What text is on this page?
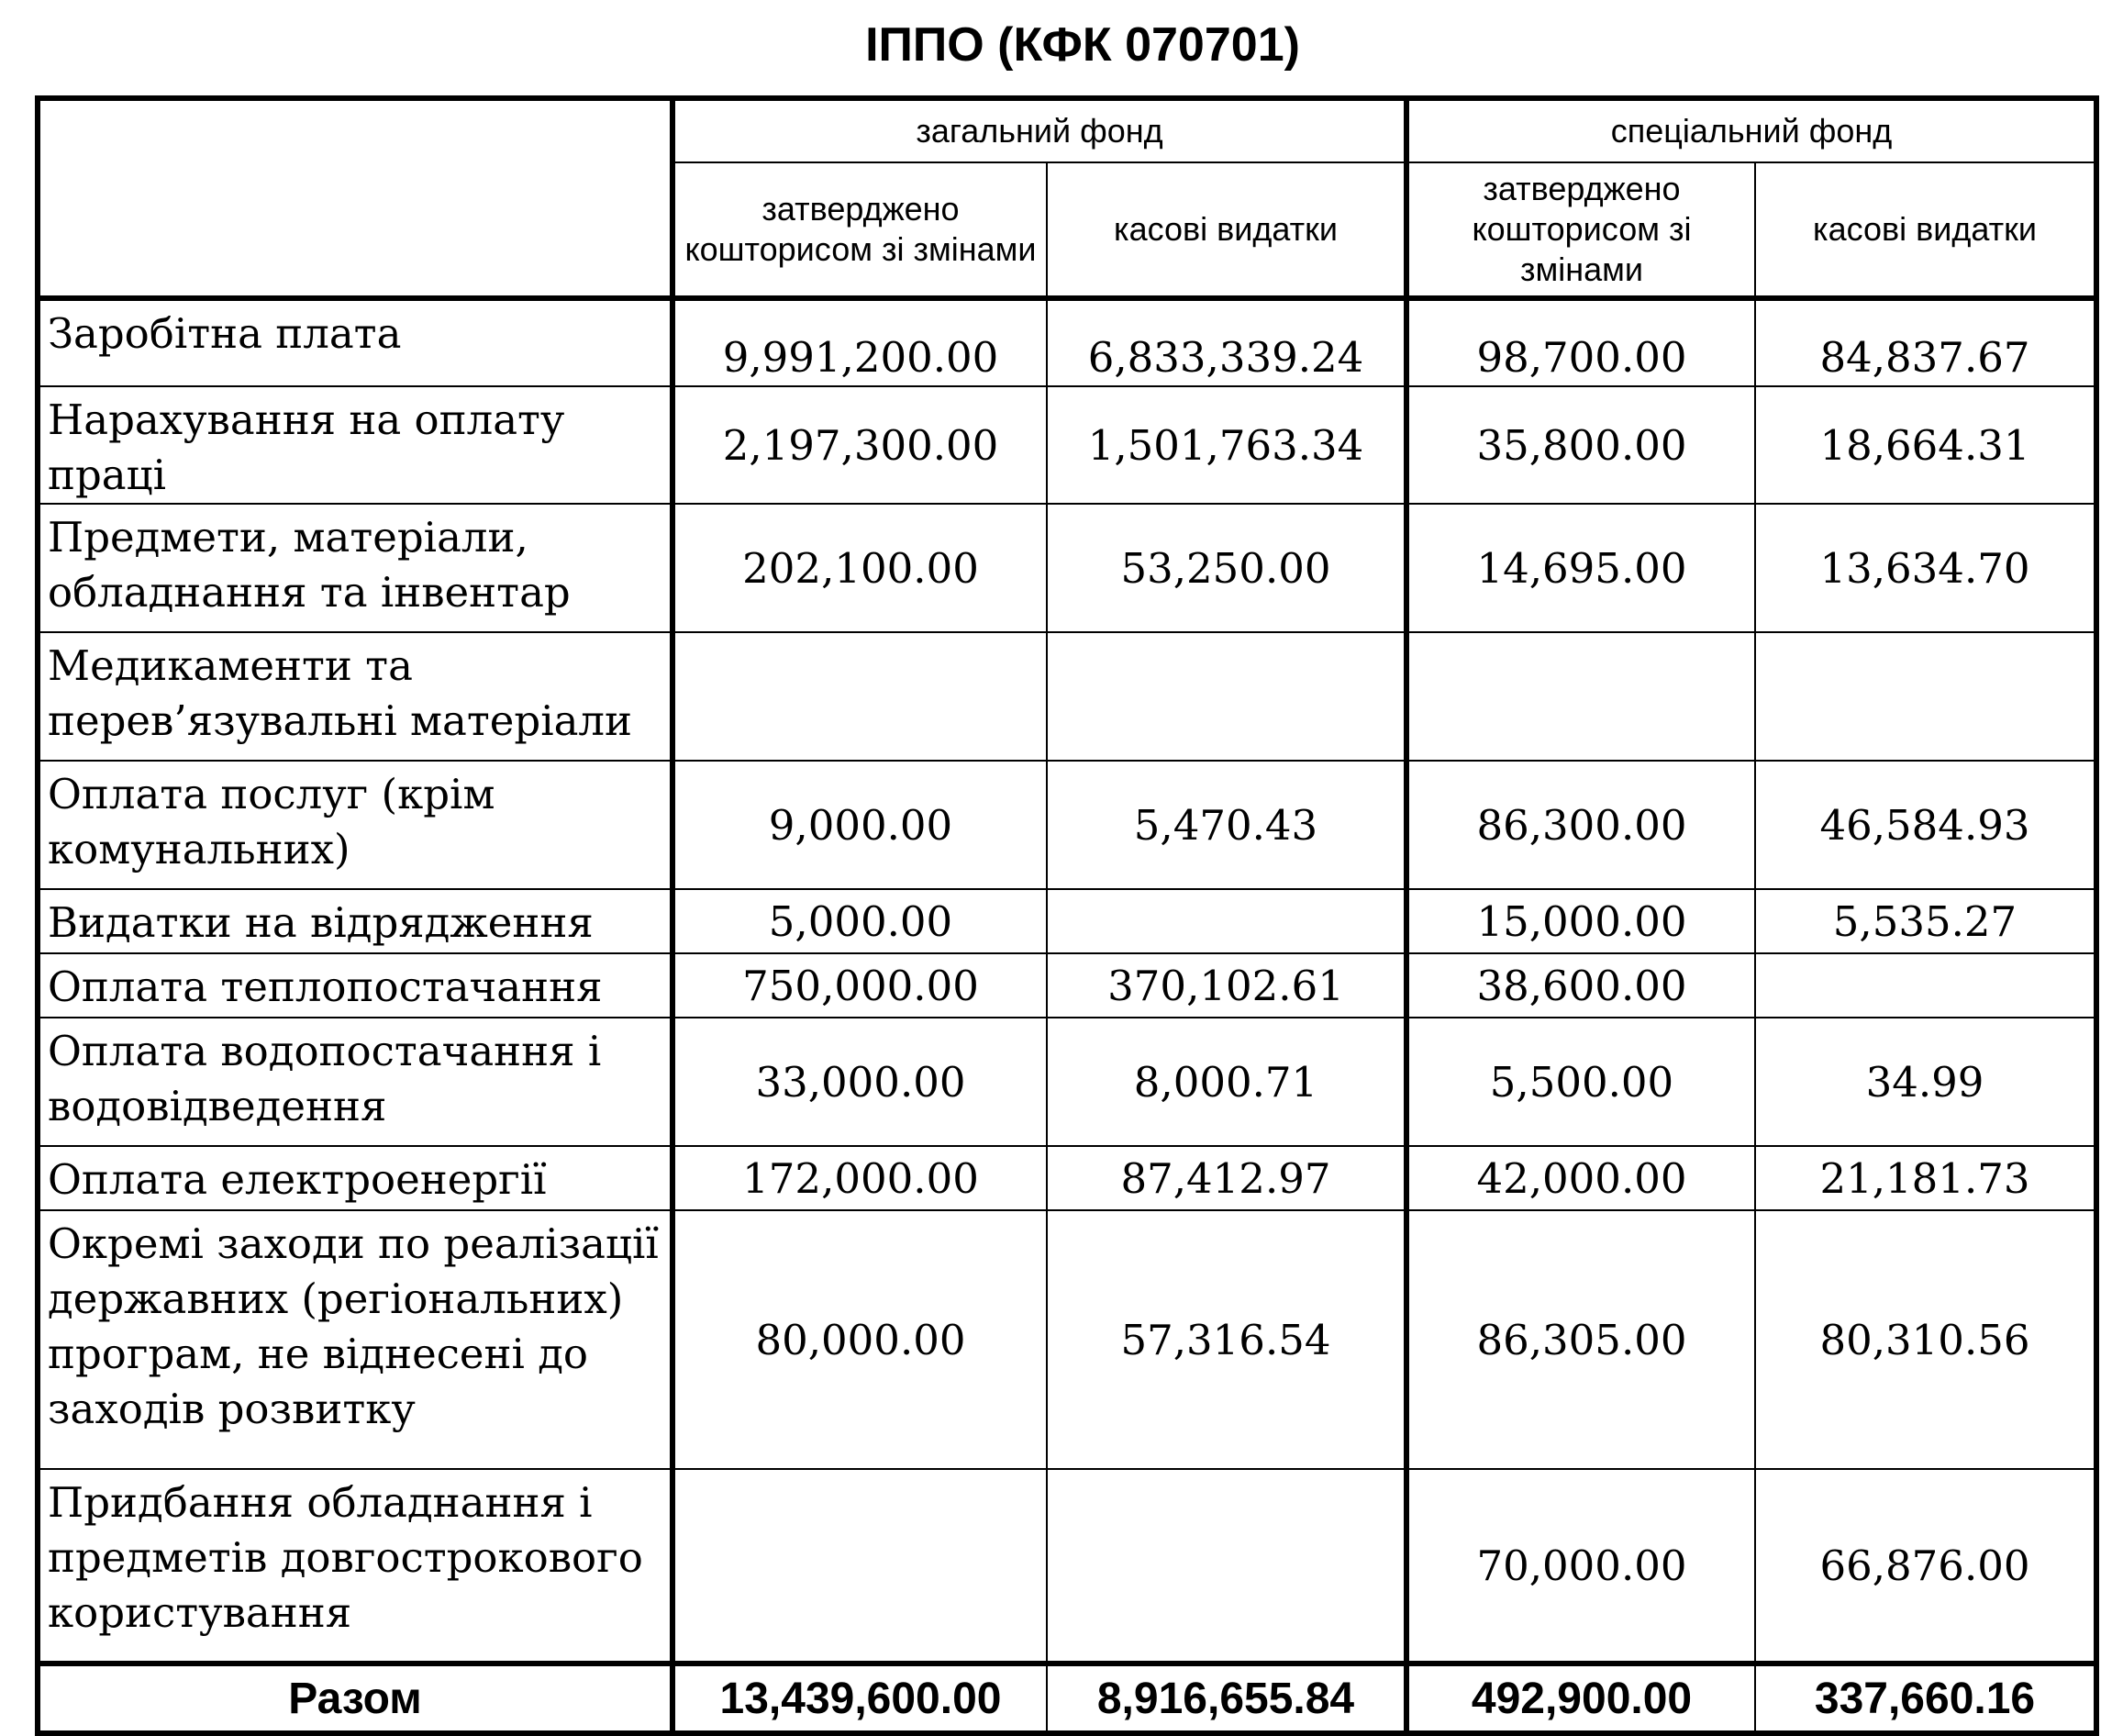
ІППО (КФК 070701)
	загальний фонд		спеціальний фонд	
	затверджено кошторисом зі змінами	касові видатки	затверджено кошторисом зі змінами	касові видатки
Заробітна плата	9,991,200.00	6,833,339.24	98,700.00	84,837.67
Нарахування на оплату праці	2,197,300.00	1,501,763.34	35,800.00	18,664.31
Предмети, матеріали, обладнання та інвентар	202,100.00	53,250.00	14,695.00	13,634.70
Медикаменти та перев’язувальні матеріали				
Оплата послуг (крім комунальних)	9,000.00	5,470.43	86,300.00	46,584.93
Видатки на відрядження	5,000.00		15,000.00	5,535.27
Оплата теплопостачання	750,000.00	370,102.61	38,600.00	
Оплата водопостачання і водовідведення	33,000.00	8,000.71	5,500.00	34.99
Оплата електроенергії	172,000.00	87,412.97	42,000.00	21,181.73
Окремі заходи по реалізації державних (регіональних) програм, не віднесені до заходів розвитку	80,000.00	57,316.54	86,305.00	80,310.56
Придбання обладнання і предметів довгострокового користування			70,000.00	66,876.00
Разом	13,439,600.00	8,916,655.84	492,900.00	337,660.16
